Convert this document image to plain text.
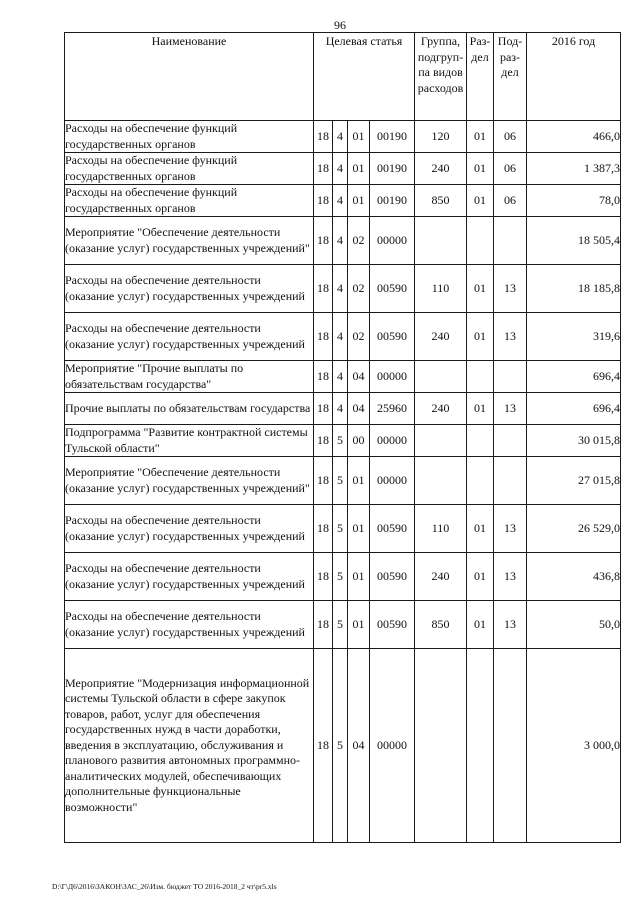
96
Наименование	Целевая статья				Группа, подгруп-па видов расходов	Раз-дел	Под-раз-дел	2016 год
Расходы на обеспечение функций государственных органов	18	4	01	00190	120	01	06	466,0
Расходы на обеспечение функций государственных органов	18	4	01	00190	240	01	06	1 387,3
Расходы на обеспечение функций государственных органов	18	4	01	00190	850	01	06	78,0
Мероприятие "Обеспечение деятельности (оказание услуг) государственных учреждений"	18	4	02	00000				18 505,4
Расходы на обеспечение деятельности (оказание услуг) государственных учреждений	18	4	02	00590	110	01	13	18 185,8
Расходы на обеспечение деятельности (оказание услуг) государственных учреждений	18	4	02	00590	240	01	13	319,6
Мероприятие "Прочие выплаты по обязательствам государства"	18	4	04	00000				696,4
Прочие выплаты по обязательствам государства	18	4	04	25960	240	01	13	696,4
Подпрограмма "Развитие контрактной системы Тульской области"	18	5	00	00000				30 015,8
Мероприятие "Обеспечение деятельности (оказание услуг) государственных учреждений"	18	5	01	00000				27 015,8
Расходы на обеспечение деятельности (оказание услуг) государственных учреждений	18	5	01	00590	110	01	13	26 529,0
Расходы на обеспечение деятельности (оказание услуг) государственных учреждений	18	5	01	00590	240	01	13	436,8
Расходы на обеспечение деятельности (оказание услуг) государственных учреждений	18	5	01	00590	850	01	13	50,0
Мероприятие "Модернизация информационной системы Тульской области в сфере закупок товаров, работ, услуг для обеспечения государственных нужд в части доработки, введения в эксплуатацию, обслуживания и планового развития автономных программно-аналитических модулей, обеспечивающих дополнительные функциональные возможности"	18	5	04	00000				3 000,0
D:\Г\Д6\2016\ЗАКОН\ЗАС_26\Изм. бюджет ТО 2016-2018_2 чт\pr5.xls
